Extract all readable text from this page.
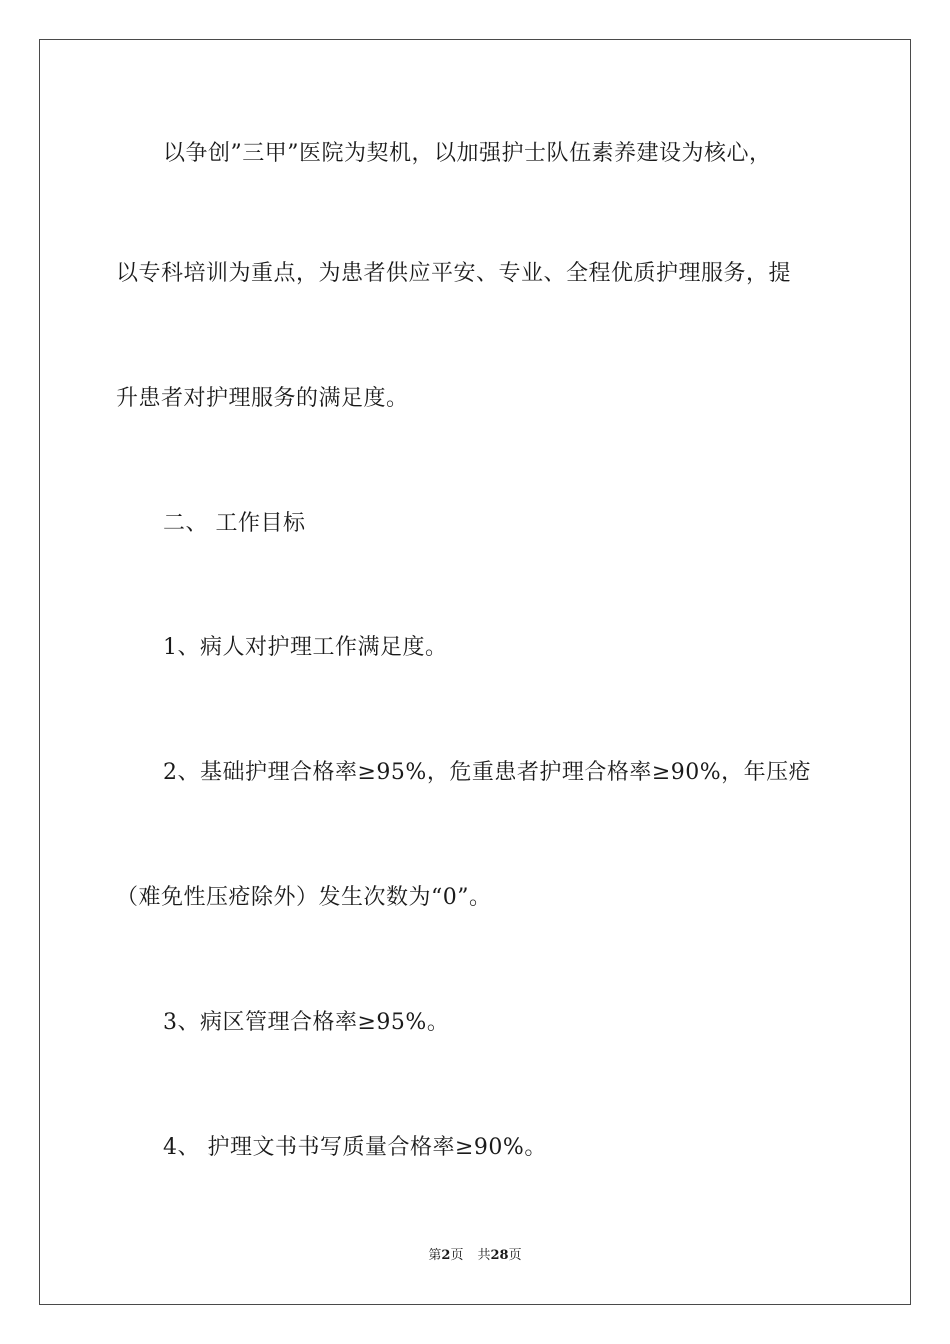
以争创”三甲”医院为契机，以加强护士队伍素养建设为核心，
以专科培训为重点，为患者供应平安、专业、全程优质护理服务，提
升患者对护理服务的满足度。
二、 工作目标
1、病人对护理工作满足度。
2、基础护理合格率≥95%，危重患者护理合格率≥90%，年压疮
（难免性压疮除外）发生次数为“0”。
3、病区管理合格率≥95%。
4、 护理文书书写质量合格率≥90%。
第2页 共28页
